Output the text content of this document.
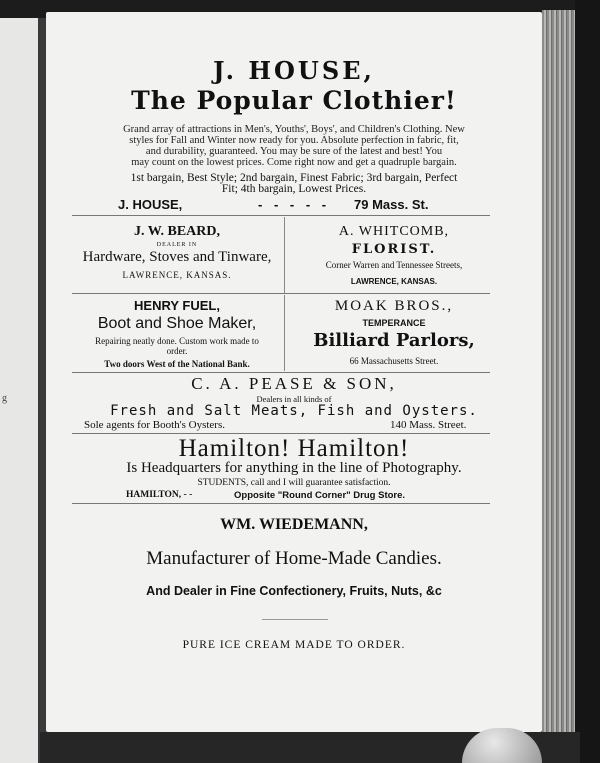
g
J. HOUSE,
The Popular Clothier!
Grand array of attractions in Men's, Youths', Boys', and Children's Clothing. New
styles for Fall and Winter now ready for you. Absolute perfection in fabric, fit,
and durability, guaranteed. You may be sure of the latest and best! You
may count on the lowest prices. Come right now and get a quadruple bargain.
1st bargain, Best Style; 2nd bargain, Finest Fabric; 3rd bargain, Perfect
Fit; 4th bargain, Lowest Prices.
J. HOUSE,	- - - - - 79 Mass. St.
J. W. BEARD,
DEALER IN
Hardware, Stoves and Tinware,
LAWRENCE, KANSAS.
A. WHITCOMB,
FLORIST.
Corner Warren and Tennessee Streets,
LAWRENCE, KANSAS.
HENRY FUEL,
Boot and Shoe Maker,
Repairing neatly done. Custom work made to
order.
Two doors West of the National Bank.
MOAK BROS.,
TEMPERANCE
Billiard Parlors,
66 Massachusetts Street.
C. A. PEASE & SON,
Dealers in all kinds of
Fresh and Salt Meats, Fish and Oysters.
Sole agents for Booth's Oysters.	140 Mass. Street.
Hamilton! Hamilton!
Is Headquarters for anything in the line of Photography.
STUDENTS, call and I will guarantee satisfaction.
HAMILTON, - -	Opposite "Round Corner" Drug Store.
WM. WIEDEMANN,
Manufacturer of Home-Made Candies.
And Dealer in Fine Confectionery, Fruits, Nuts, &c
PURE ICE CREAM MADE TO ORDER.
